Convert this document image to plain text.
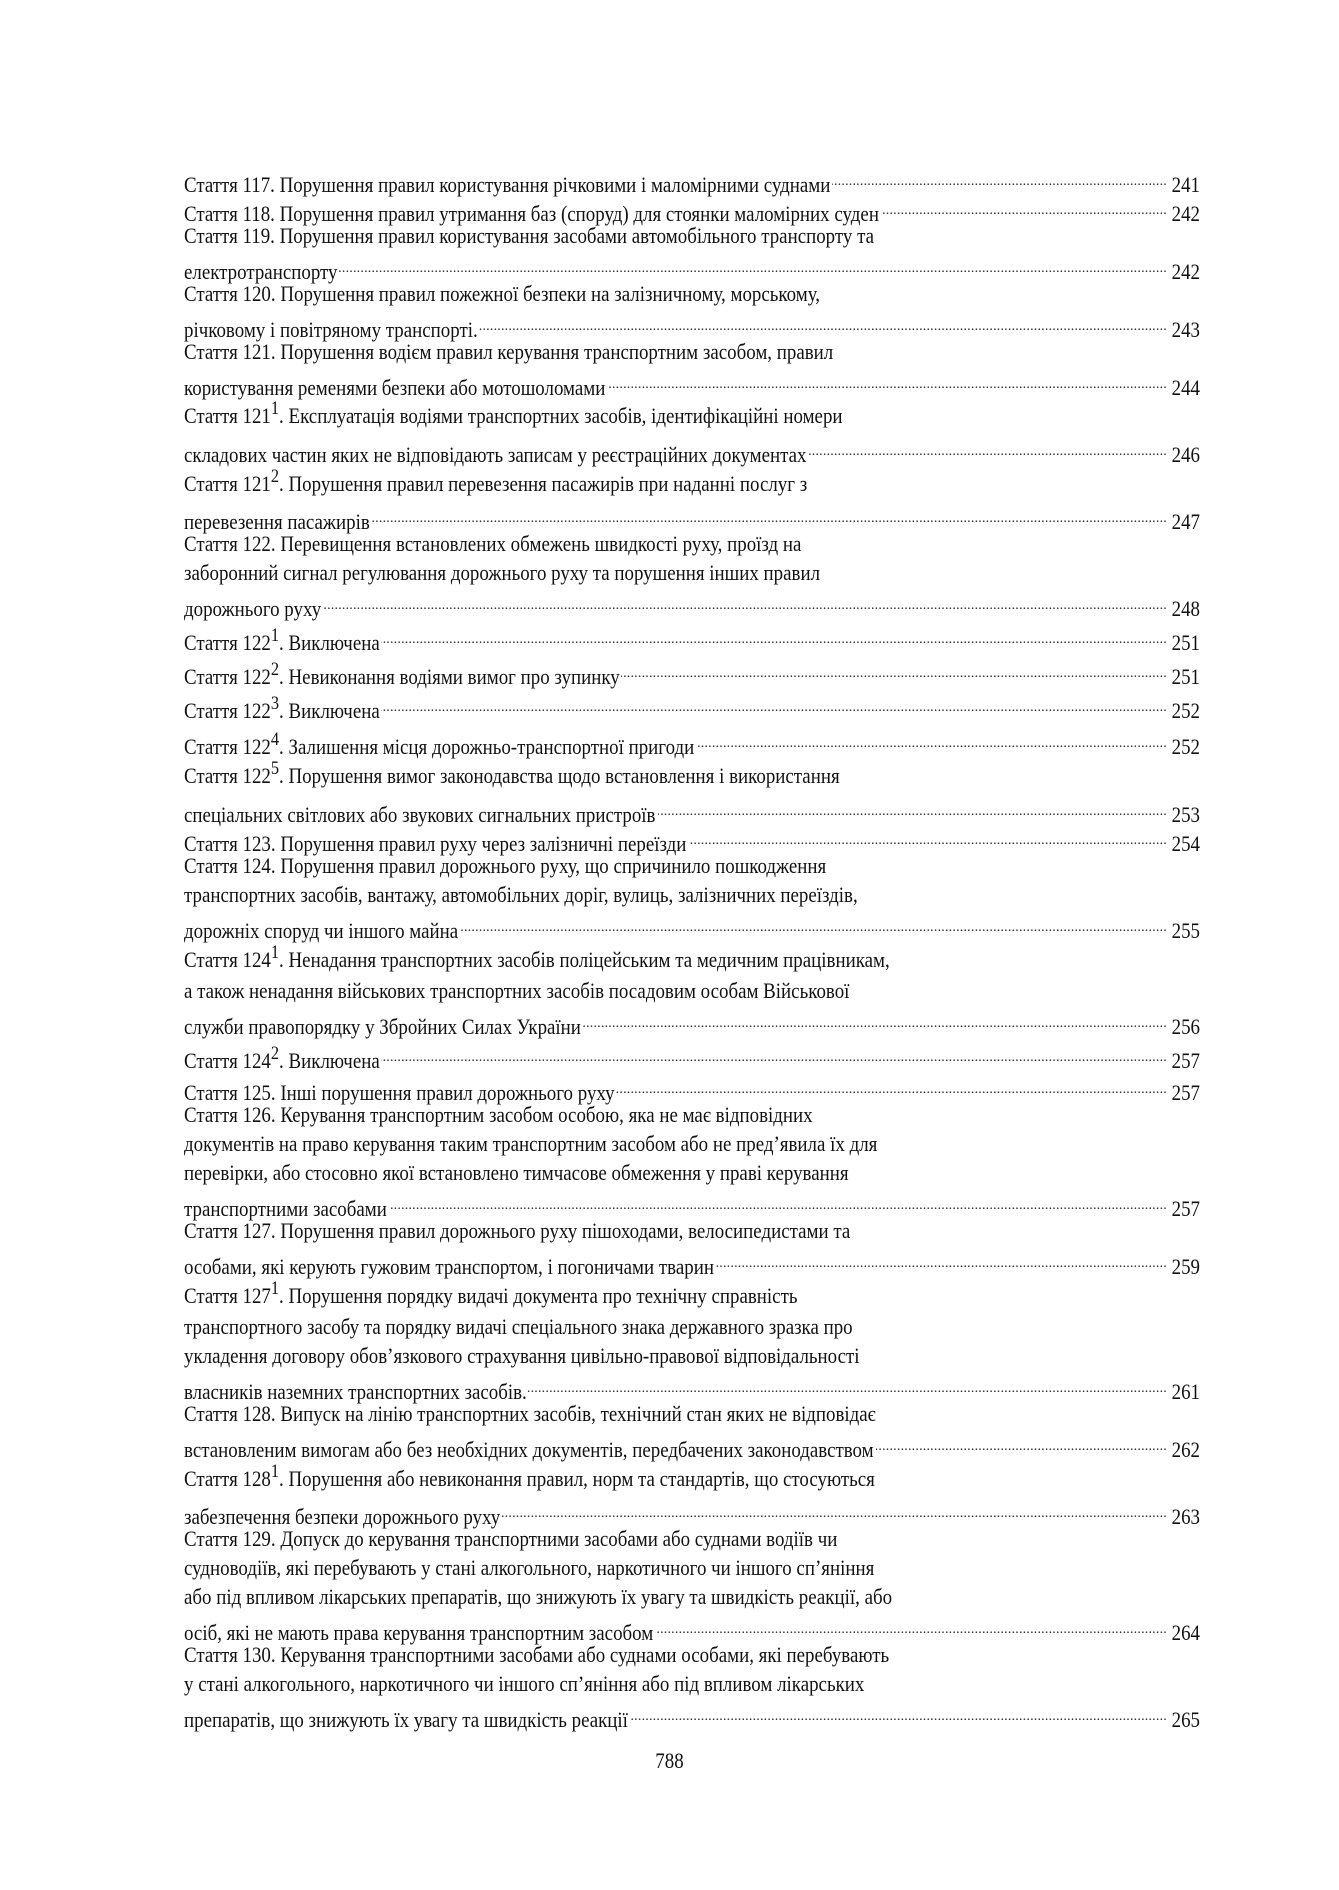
Стаття 117. Порушення правил користування річковими і маломірними суднами .....	241
Стаття 118. Порушення правил утримання баз (споруд) для стоянки маломірних суден .....	242
Стаття 119. Порушення правил користування засобами автомобільного транспорту та
електротранспорту .....	242
Стаття 120. Порушення правил пожежної безпеки на залізничному, морському,
річковому і повітряному транспорті. .....	243
Стаття 121. Порушення водієм правил керування транспортним засобом, правил
користування ременями безпеки або мотошоломами .....	244
Стаття $121^1$. Експлуатація водіями транспортних засобів, ідентифікаційні номери
складових частин яких не відповідають записам у реєстраційних документах .....	246
Стаття $121^2$. Порушення правил перевезення пасажирів при наданні послуг з
перевезення пасажирів .....	247
Стаття 122. Перевищення встановлених обмежень швидкості руху, проїзд на
заборонний сигнал регулювання дорожнього руху та порушення інших правил
дорожнього руху .....	248
Стаття $122^1$. Виключена .....	251
Стаття $122^2$. Невиконання водіями вимог про зупинку .....	251
Стаття $122^3$. Виключена .....	252
Стаття $122^4$. Залишення місця дорожньо-транспортної пригоди .....	252
Стаття $122^5$. Порушення вимог законодавства щодо встановлення і використання
спеціальних світлових або звукових сигнальних пристроїв .....	253
Стаття 123. Порушення правил руху через залізничні переїзди .....	254
Стаття 124. Порушення правил дорожнього руху, що спричинило пошкодження
транспортних засобів, вантажу, автомобільних доріг, вулиць, залізничних переїздів,
дорожніх споруд чи іншого майна .....	255
Стаття $124^1$. Ненадання транспортних засобів поліцейським та медичним працівникам,
а також ненадання військових транспортних засобів посадовим особам Військової
служби правопорядку у Збройних Силах України .....	256
Стаття $124^2$. Виключена .....	257
Стаття 125. Інші порушення правил дорожнього руху .....	257
Стаття 126. Керування транспортним засобом особою, яка не має відповідних
документів на право керування таким транспортним засобом або не пред’явила їх для
перевірки, або стосовно якої встановлено тимчасове обмеження у праві керування
транспортними засобами .....	257
Стаття 127. Порушення правил дорожнього руху пішоходами, велосипедистами та
особами, які керують гужовим транспортом, і погоничами тварин .....	259
Стаття $127^1$. Порушення порядку видачі документа про технічну справність
транспортного засобу та порядку видачі спеціального знака державного зразка про
укладення договору обов’язкового страхування цивільно-правової відповідальності
власників наземних транспортних засобів. .....	261
Стаття 128. Випуск на лінію транспортних засобів, технічний стан яких не відповідає
встановленим вимогам або без необхідних документів, передбачених законодавством .....	262
Стаття $128^1$. Порушення або невиконання правил, норм та стандартів, що стосуються
забезпечення безпеки дорожнього руху .....	263
Стаття 129. Допуск до керування транспортними засобами або суднами водіїв чи
судноводіїв, які перебувають у стані алкогольного, наркотичного чи іншого сп’яніння
або під впливом лікарських препаратів, що знижують їх увагу та швидкість реакції, або
осіб, які не мають права керування транспортним засобом .....	264
Стаття 130. Керування транспортними засобами або суднами особами, які перебувають
у стані алкогольного, наркотичного чи іншого сп’яніння або під впливом лікарських
препаратів, що знижують їх увагу та швидкість реакції .....	265
788
